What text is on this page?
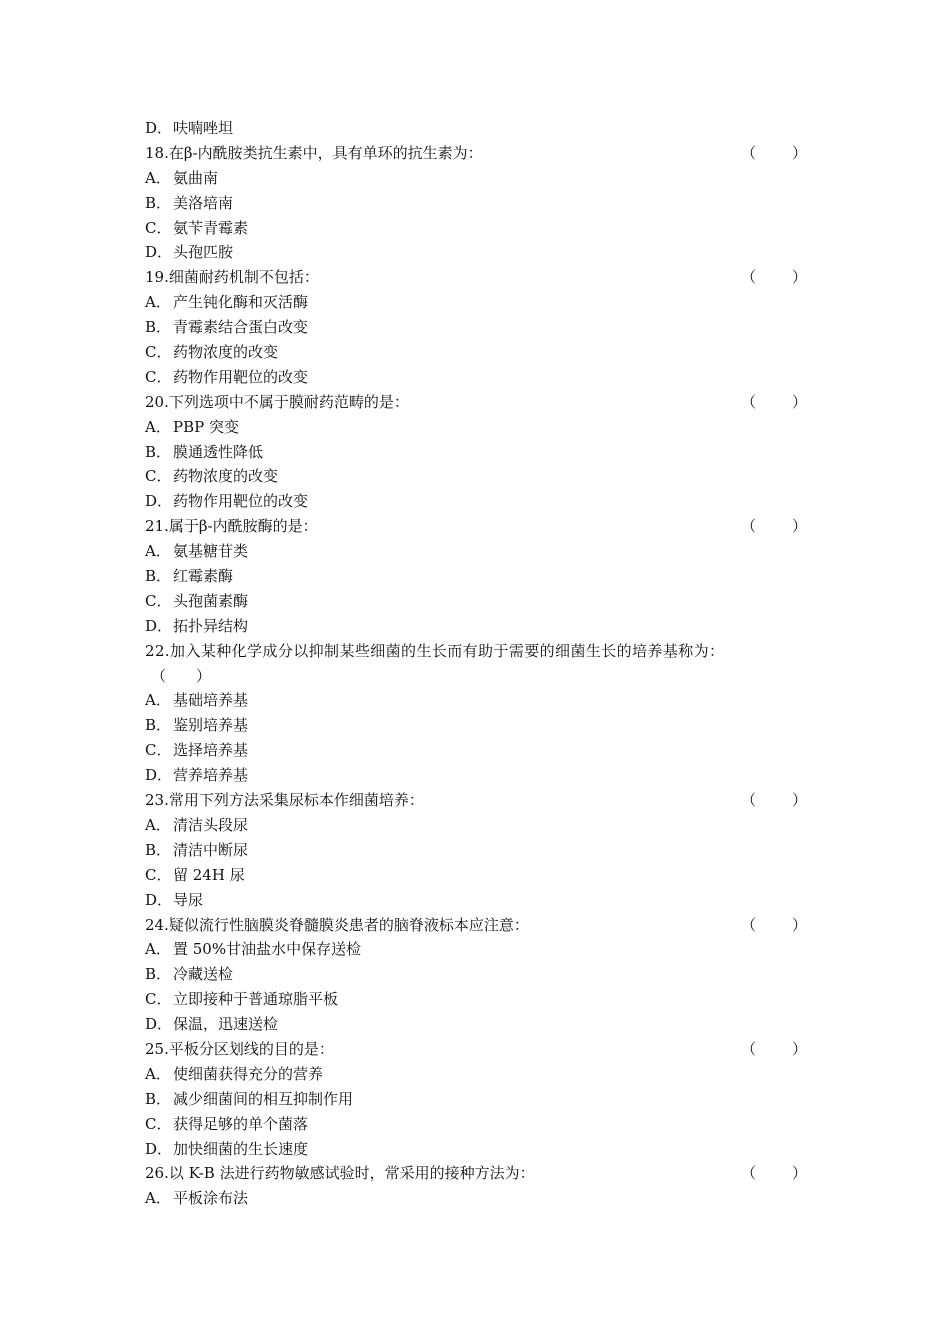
D．呋喃唑坦
18.在β-内酰胺类抗生素中，具有单环的抗生素为：	（ ）
A． 氨曲南
B． 美洛培南
C． 氨苄青霉素
D．头孢匹胺
19.细菌耐药机制不包括：	（ ）
A． 产生钝化酶和灭活酶
B． 青霉素结合蛋白改变
C． 药物浓度的改变
C． 药物作用靶位的改变
20.下列选项中不属于膜耐药范畴的是：	（ ）
A． PBP 突变
B． 膜通透性降低
C． 药物浓度的改变
D．药物作用靶位的改变
21.属于β-内酰胺酶的是：	（ ）
A． 氨基糖苷类
B． 红霉素酶
C． 头孢菌素酶
D．拓扑异结构
22.加入某种化学成分以抑制某些细菌的生长而有助于需要的细菌生长的培养基称为：
（ ）
A． 基础培养基
B． 鉴别培养基
C． 选择培养基
D．营养培养基
23.常用下列方法采集尿标本作细菌培养：	（ ）
A． 清洁头段尿
B． 清洁中断尿
C． 留 24H 尿
D．导尿
24.疑似流行性脑膜炎脊髓膜炎患者的脑脊液标本应注意：	（ ）
A． 置 50%甘油盐水中保存送检
B． 冷藏送检
C． 立即接种于普通琼脂平板
D．保温，迅速送检
25.平板分区划线的目的是：	（ ）
A． 使细菌获得充分的营养
B． 减少细菌间的相互抑制作用
C． 获得足够的单个菌落
D．加快细菌的生长速度
26.以 K-B 法进行药物敏感试验时，常采用的接种方法为：	（ ）
A． 平板涂布法
